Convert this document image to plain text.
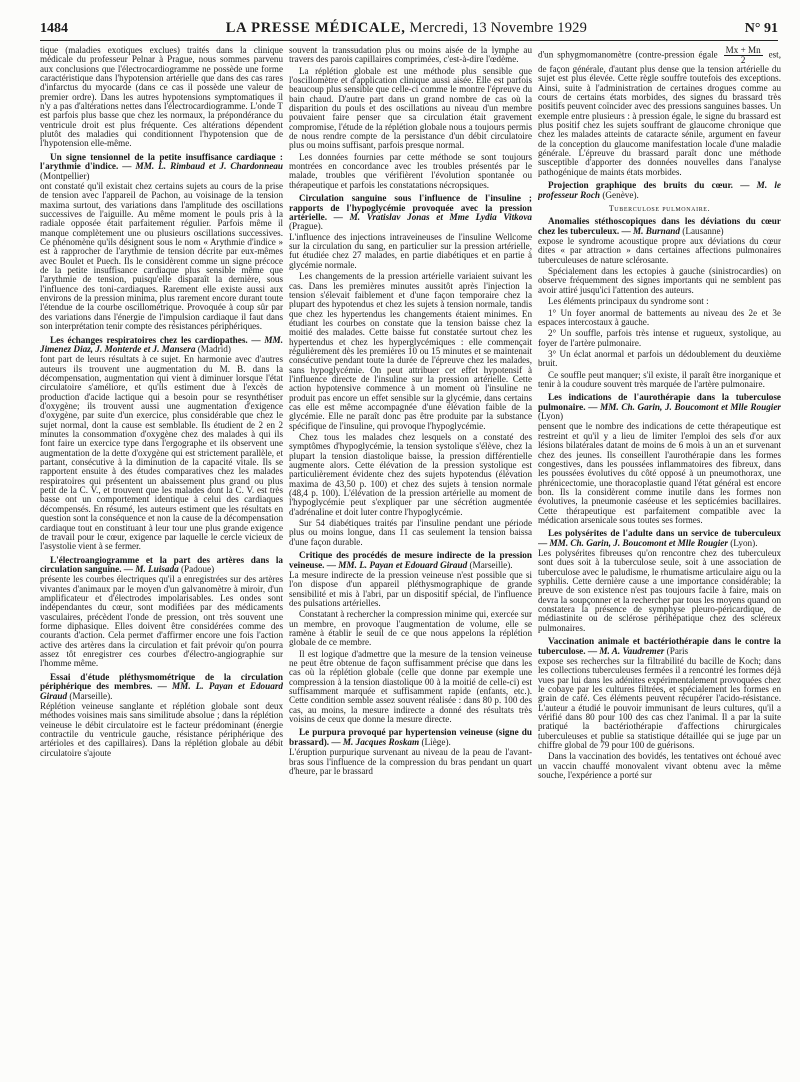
1484	LA PRESSE MÉDICALE, Mercredi, 13 Novembre 1929	N° 91

tique (maladies exotiques exclues) traités dans la clinique médicale du professeur Pelnar à Prague, nous sommes parvenu aux conclusions que l'électrocardiogramme ne possède une forme caractéristique dans l'hypotension artérielle que dans des cas rares d'infarctus du myocarde (dans ce cas il possède une valeur de premier ordre). Dans les autres hypotensions symptomatiques il n'y a pas d'altérations nettes dans l'électrocardiogramme. L'onde T est parfois plus basse que chez les normaux, la prépondérance du ventricule droit est plus fréquente. Ces altérations dépendent plutôt des maladies qui conditionnent l'hypotension que de l'hypotension elle-même.

Un signe tensionnel de la petite insuffisance cardiaque : l'arythmie d'indice. — MM. L. Rimbaud et J. Chardonneau (Montpellier)

ont constaté qu'il existait chez certains sujets au cours de la prise de tension avec l'appareil de Pachon, au voisinage de la tension maxima surtout, des variations dans l'amplitude des oscillations successives de l'aiguille. Au même moment le pouls pris à la radiale opposée était parfaitement régulier. Parfois même il manque complètement une ou plusieurs oscillations successives. Ce phénomène qu'ils désignent sous le nom « Arythmie d'indice » est à rapprocher de l'arythmie de tension décrite par eux-mêmes avec Boulet et Puech. Ils le considèrent comme un signe précoce de la petite insuffisance cardiaque plus sensible même que l'arythmie de tension, puisqu'elle disparaît la dernière, sous l'influence des toni-cardiaques. Rarement elle existe aussi aux environs de la pression minima, plus rarement encore durant toute l'étendue de la courbe oscillométrique. Provoquée à coup sûr par des variations dans l'énergie de l'impulsion cardiaque il faut dans son interprétation tenir compte des résistances périphériques.

Les échanges respiratoires chez les cardiopathes. — MM. Jimenez Diaz, J. Monterde et J. Mansera (Madrid)

font part de leurs résultats à ce sujet. En harmonie avec d'autres auteurs ils trouvent une augmentation du M. B. dans la décompensation, augmentation qui vient à diminuer lorsque l'état circulatoire s'améliore, et qu'ils estiment due à l'excès de production d'acide lactique qui a besoin pour se resynthétiser d'oxygène; ils trouvent aussi une augmentation d'exigence d'oxygène, par suite d'un exercice, plus considérable que chez le sujet normal, dont la cause est semblable. Ils étudient de 2 en 2 minutes la consommation d'oxygène chez des malades à qui ils font faire un exercice type dans l'ergographe et ils observent une augmentation de la dette d'oxygène qui est strictement parallèle, et partant, consécutive à la diminution de la capacité vitale. Ils se rapportent ensuite à des études comparatives chez les malades respiratoires qui présentent un abaissement plus grand ou plus petit de la C. V., et trouvent que les malades dont la C. V. est très basse ont un comportement identique à celui des cardiaques décompensés. En résumé, les auteurs estiment que les résultats en question sont la conséquence et non la cause de la décompensation cardiaque tout en constituant à leur tour une plus grande exigence de travail pour le cœur, exigence par laquelle le cercle vicieux de l'asystolie vient à se fermer.

L'électroangiogramme et la part des artères dans la circulation sanguine. — M. Luisada (Padoue)

présente les courbes électriques qu'il a enregistrées sur des artères vivantes d'animaux par le moyen d'un galvanomètre à miroir, d'un amplificateur et d'électrodes impolarisables. Les ondes sont indépendantes du cœur, sont modifiées par des médicaments vasculaires, précèdent l'onde de pression, ont très souvent une forme diphasique. Elles doivent être considérées comme des courants d'action. Cela permet d'affirmer encore une fois l'action active des artères dans la circulation et fait prévoir qu'on pourra assez tôt enregistrer ces courbes d'électro-angiographie sur l'homme même.

Essai d'étude pléthysmométrique de la circulation périphérique des membres. — MM. L. Payan et Edouard Giraud (Marseille).

Réplétion veineuse sanglante et réplétion globale sont deux méthodes voisines mais sans similitude absolue ; dans la réplétion veineuse le débit circulatoire est le facteur prédominant (énergie contractile du ventricule gauche, résistance périphérique des artérioles et des capillaires). Dans la réplétion globale au débit circulatoire s'ajoute

souvent la transsudation plus ou moins aisée de la lymphe au travers des parois capillaires comprimées, c'est-à-dire l'œdème.

La réplétion globale est une méthode plus sensible que l'oscillomètre et d'application clinique aussi aisée. Elle est parfois beaucoup plus sensible que celle-ci comme le montre l'épreuve du bain chaud. D'autre part dans un grand nombre de cas où la disparition du pouls et des oscillations au niveau d'un membre pouvaient faire penser que sa circulation était gravement compromise, l'étude de la réplétion globale nous a toujours permis de nous rendre compte de la persistance d'un débit circulatoire plus ou moins suffisant, parfois presque normal.

Les données fournies par cette méthode se sont toujours montrées en concordance avec les troubles présentés par le malade, troubles que vérifièrent l'évolution spontanée ou thérapeutique et parfois les constatations nécropsiques.

Circulation sanguine sous l'influence de l'insuline ; rapports de l'hypoglycémie provoquée avec la pression artérielle. — M. Vratislav Jonas et Mme Lydia Vitkova (Prague).

L'influence des injections intraveineuses de l'insuline Wellcome sur la circulation du sang, en particulier sur la pression artérielle, fut étudiée chez 27 malades, en partie diabétiques et en partie à glycémie normale.

Les changements de la pression artérielle variaient suivant les cas. Dans les premières minutes aussitôt après l'injection la tension s'élevait faiblement et d'une façon temporaire chez la plupart des hypotendus et chez les sujets à tension normale, tandis que chez les hypertendus les changements étaient minimes. En étudiant les courbes on constate que la tension baisse chez la moitié des malades. Cette baisse fut constatée surtout chez les hypertendus et chez les hyperglycémiques : elle commençait régulièrement dès les premières 10 ou 15 minutes et se maintenait consécutive pendant toute la durée de l'épreuve chez les malades, sans hypoglycémie. On peut attribuer cet effet hypotensif à l'influence directe de l'insuline sur la pression artérielle. Cette action hypotensive commence à un moment où l'insuline ne produit pas encore un effet sensible sur la glycémie, dans certains cas elle est même accompagnée d'une élévation faible de la glycémie. Elle ne paraît donc pas être produite par la substance spécifique de l'insuline, qui provoque l'hypoglycémie.

Chez tous les malades chez lesquels on a constaté des symptômes d'hypoglycémie, la tension systolique s'élève, chez la plupart la tension diastolique baisse, la pression différentielle augmente alors. Cette élévation de la pression systolique est particulièrement évidente chez des sujets hypotendus (élévation maxima de 43,50 p. 100) et chez des sujets à tension normale (48,4 p. 100). L'élévation de la pression artérielle au moment de l'hypoglycémie peut s'expliquer par une sécrétion augmentée d'adrénaline et doit luter contre l'hypoglycémie.

Sur 54 diabétiques traités par l'insuline pendant une période plus ou moins longue, dans 11 cas seulement la tension baissa d'une façon durable.

Critique des procédés de mesure indirecte de la pression veineuse. — MM. L. Payan et Edouard Giraud (Marseille).

La mesure indirecte de la pression veineuse n'est possible que si l'on dispose d'un appareil pléthysmographique de grande sensibilité et mis à l'abri, par un dispositif spécial, de l'influence des pulsations artérielles.

Constatant à rechercher la compression minime qui, exercée sur un membre, en provoque l'augmentation de volume, elle se ramène à établir le seuil de ce que nous appelons la réplétion globale de ce membre.

Il est logique d'admettre que la mesure de la tension veineuse ne peut être obtenue de façon suffisamment précise que dans les cas où la réplétion globale (celle que donne par exemple une compression à la tension diastolique 00 à la moitié de celle-ci) est suffisamment marquée et suffisamment rapide (enfants, etc.). Cette condition semble assez souvent réalisée : dans 80 p. 100 des cas, au moins, la mesure indirecte a donné des résultats très voisins de ceux que donne la mesure directe.

Le purpura provoqué par hypertension veineuse (signe du brassard). — M. Jacques Roskam (Liège).

L'éruption purpurique survenant au niveau de la peau de l'avant-bras sous l'influence de la compression du bras pendant un quart d'heure, par le brassard

d'un sphygmomanomètre (contre-pression égale $\frac{Mx + Mn}{2}$ est, de façon générale, d'autant plus dense que la tension artérielle du sujet est plus élevée. Cette règle souffre toutefois des exceptions. Ainsi, suite à l'administration de certaines drogues comme au cours de certains états morbides, des signes du brassard très positifs peuvent coïncider avec des pressions sanguines basses. Un exemple entre plusieurs : à pression égale, le signe du brassard est plus positif chez les sujets souffrant de glaucome chronique que chez les malades atteints de cataracte sénile, argument en faveur de la conception du glaucome manifestation locale d'une maladie générale. L'épreuve du brassard paraît donc une méthode susceptible d'apporter des données nouvelles dans l'analyse pathogénique de maints états morbides.

Projection graphique des bruits du cœur. — M. le professeur Roch (Genève).
Tuberculose pulmonaire.
Anomalies stéthoscopiques dans les déviations du cœur chez les tuberculeux. — M. Burnand (Lausanne)

expose le syndrome acoustique propre aux déviations du cœur dites « par attraction » dans certaines affections pulmonaires tuberculeuses de nature sclérosante.

Spécialement dans les ectopies à gauche (sinistrocardies) on observe fréquemment des signes importants qui ne semblent pas avoir attiré jusqu'ici l'attention des auteurs.

Les éléments principaux du syndrome sont :

1° Un foyer anormal de battements au niveau des 2e et 3e espaces intercostaux à gauche.

2° Un souffle, parfois très intense et rugueux, systolique, au foyer de l'artère pulmonaire.

3° Un éclat anormal et parfois un dédoublement du deuxième bruit.

Ce souffle peut manquer; s'il existe, il paraît être inorganique et tenir à la coudure souvent très marquée de l'artère pulmonaire.

Les indications de l'aurothérapie dans la tuberculose pulmonaire. — MM. Ch. Garin, J. Boucomont et Mlle Rougier (Lyon)

pensent que le nombre des indications de cette thérapeutique est restreint et qu'il y a lieu de limiter l'emploi des sels d'or aux lésions bilatérales datant de moins de 6 mois à un an et survenant chez des jeunes. Ils conseillent l'aurothérapie dans les formes congestives, dans les poussées inflammatoires des fibreux, dans les poussées évolutives du côté opposé à un pneumothorax, une phrénicectomie, une thoracoplastie quand l'état général est encore bon. Ils la considèrent comme inutile dans les formes non évolutives, la pneumonie caséeuse et les septicémies bacillaires. Cette thérapeutique est parfaitement compatible avec la médication arsenicale sous toutes ses formes.

Les polysérites de l'adulte dans un service de tuberculeux — MM. Ch. Garin, J. Boucomont et Mlle Rougier (Lyon).

Les polysérites fibreuses qu'on rencontre chez des tuberculeux sont dues soit à la tuberculose seule, soit à une association de tuberculose avec le paludisme, le rhumatisme articulaire aigu ou la syphilis. Cette dernière cause a une importance considérable; la preuve de son existence n'est pas toujours facile à faire, mais on devra la soupçonner et la rechercher par tous les moyens quand on constatera la présence de symphyse pleuro-péricardique, de médiastinite ou de sclérose périhépatique chez des scléreux pulmonaires.

Vaccination animale et bactériothérapie dans le contre la tuberculose. — M. A. Vaudremer (Paris

expose ses recherches sur la filtrabilité du bacille de Koch; dans les collections tuberculeuses fermées il a rencontré les formes déjà vues par lui dans les adénites expérimentalement provoquées chez le cobaye par les cultures filtrées, et spécialement les formes en grain de café. Ces éléments peuvent récupérer l'acido-résistance. L'auteur a étudié le pouvoir immunisant de leurs cultures, qu'il a vérifié dans 80 pour 100 des cas chez l'animal. Il a par la suite pratiqué la bactériothérapie d'affections chirurgicales tuberculeuses et publie sa statistique détaillée qui se juge par un chiffre global de 79 pour 100 de guérisons.

Dans la vaccination des bovidés, les tentatives ont échoué avec un vaccin chauffé monovalent vivant obtenu avec la même souche, l'expérience a porté sur
